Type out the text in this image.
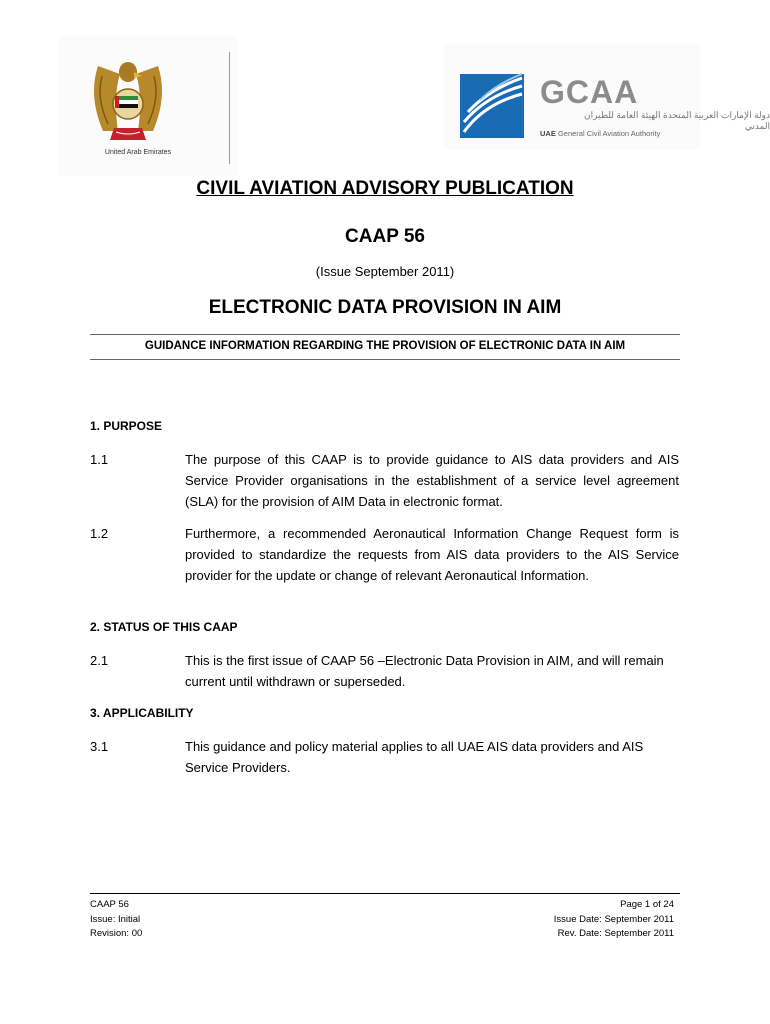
United Arab Emirates
GCAA
دولة الإمارات العربية المتحدة الهيئة العامة للطيران المدني
UAE General Civil Aviation Authority
CIVIL AVIATION ADVISORY PUBLICATION
CAAP 56
(Issue September 2011)
ELECTRONIC DATA PROVISION IN AIM
GUIDANCE INFORMATION REGARDING THE PROVISION OF ELECTRONIC DATA IN AIM
1. PURPOSE
1.1	The purpose of this CAAP is to provide guidance to AIS data providers and AIS Service Provider organisations in the establishment of a service level agreement (SLA) for the provision of AIM Data in electronic format.
1.2	Furthermore, a recommended Aeronautical Information Change Request form is provided to standardize the requests from AIS data providers to the AIS Service provider for the update or change of relevant Aeronautical Information.
2. STATUS OF THIS CAAP
2.1	This is the first issue of CAAP 56 –Electronic Data Provision in AIM, and will remain current until withdrawn or superseded.
3. APPLICABILITY
3.1	This guidance and policy material applies to all UAE AIS data providers and AIS Service Providers.
CAAP 56
Issue: Initial
Revision: 00
Page 1 of 24
Issue Date: September 2011
Rev. Date: September 2011
